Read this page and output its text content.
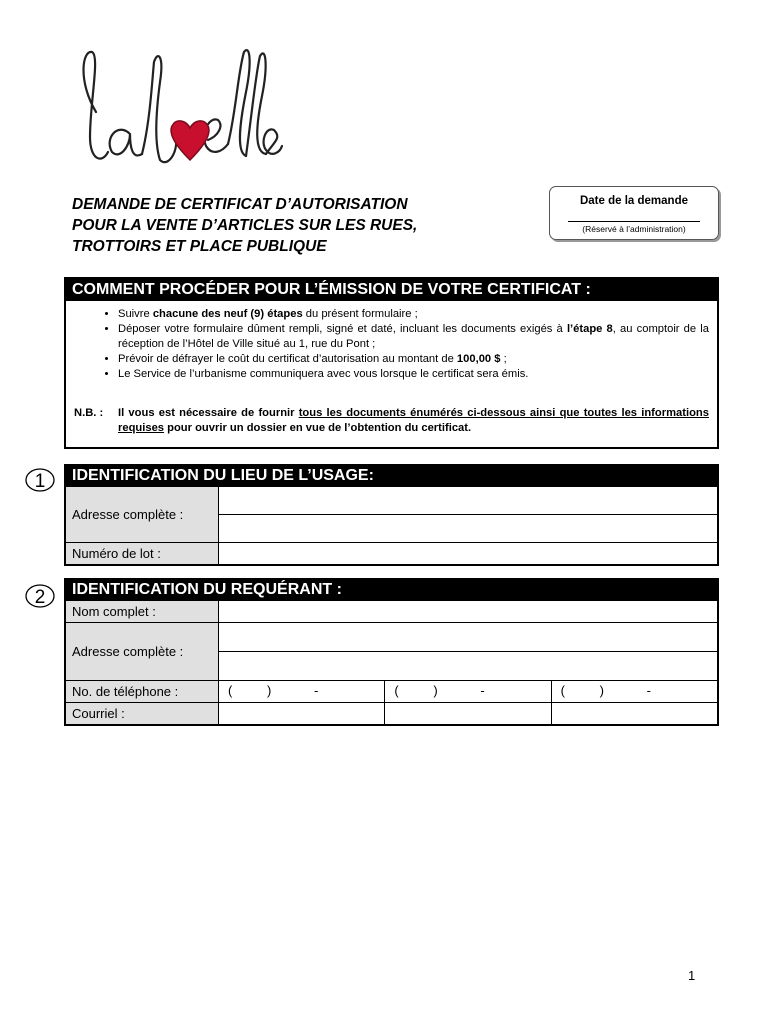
DEMANDE DE CERTIFICAT D’AUTORISATION
POUR LA VENTE D’ARTICLES SUR LES RUES,
TROTTOIRS ET PLACE PUBLIQUE
Date de la demande
(Réservé à l’administration)
COMMENT PROCÉDER POUR L’ÉMISSION DE VOTRE CERTIFICAT :
• Suivre chacune des neuf (9) étapes du présent formulaire ;
• Déposer votre formulaire dûment rempli, signé et daté, incluant les documents exigés à l’étape 8, au comptoir de la réception de l’Hôtel de Ville situé au 1, rue du Pont ;
• Prévoir de défrayer le coût du certificat d’autorisation au montant de 100,00 $ ;
• Le Service de l’urbanisme communiquera avec vous lorsque le certificat sera émis.
N.B. : Il vous est nécessaire de fournir tous les documents énumérés ci-dessous ainsi que toutes les informations requises pour ouvrir un dossier en vue de l’obtention du certificat.
1	IDENTIFICATION DU LIEU DE L’USAGE:
Adresse complète :
Numéro de lot :
2	IDENTIFICATION DU REQUÉRANT :
Nom complet :
Adresse complète :
No. de téléphone :	(	)	-	(	)	-	(	)	-
Courriel :
1
